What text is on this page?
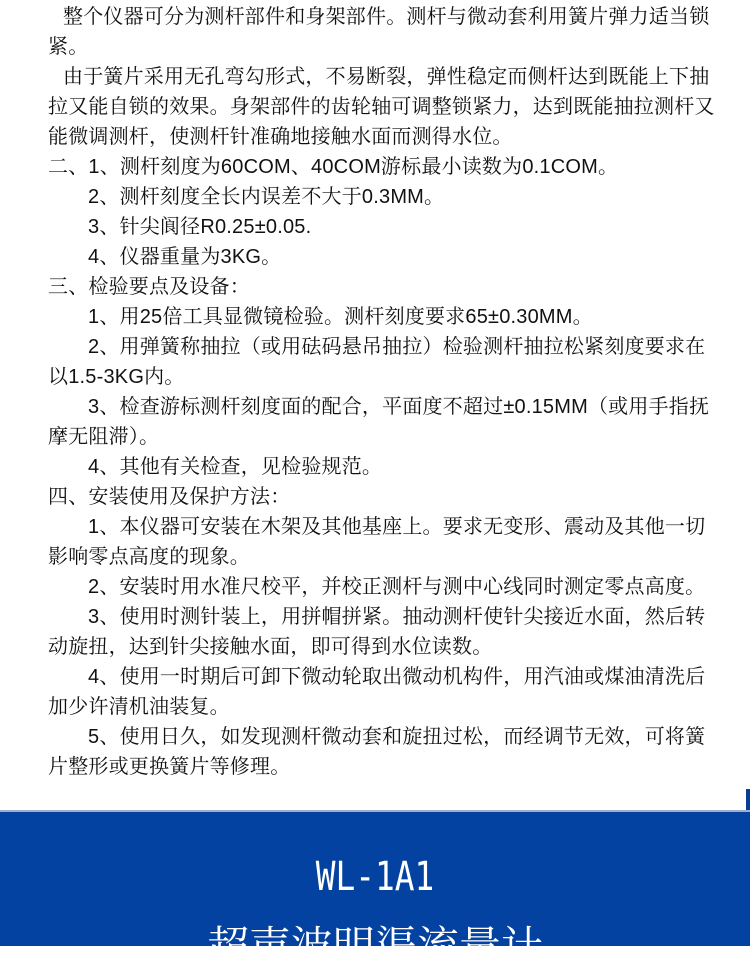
整个仪器可分为测杆部件和身架部件。测杆与微动套利用簧片弹力适当锁
紧。
由于簧片采用无孔弯勾形式，不易断裂，弹性稳定而侧杆达到既能上下抽
拉又能自锁的效果。身架部件的齿轮轴可调整锁紧力，达到既能抽拉测杆又
能微调测杆，使测杆针准确地接触水面而测得水位。
二、1、测杆刻度为60COM、40COM游标最小读数为0.1COM。
2、测杆刻度全长内误差不大于0.3MM。
3、针尖阆径R0.25±0.05.
4、仪器重量为3KG。
三、检验要点及设备：
1、用25倍工具显微镜检验。测杆刻度要求65±0.30MM。
2、用弹簧称抽拉（或用砝码悬吊抽拉）检验测杆抽拉松紧刻度要求在
以1.5-3KG内。
3、检查游标测杆刻度面的配合，平面度不超过±0.15MM（或用手指抚
摩无阻滞）。
4、其他有关检查，见检验规范。
四、安装使用及保护方法：
1、本仪器可安装在木架及其他基座上。要求无变形、震动及其他一切
影响零点高度的现象。
2、安装时用水准尺校平，并校正测杆与测中心线同时测定零点高度。
3、使用时测针装上，用拼帽拼紧。抽动测杆使针尖接近水面，然后转
动旋扭，达到针尖接触水面，即可得到水位读数。
4、使用一时期后可卸下微动轮取出微动机构件，用汽油或煤油清洗后
加少许清机油装复。
5、使用日久，如发现测杆微动套和旋扭过松，而经调节无效，可将簧
片整形或更换簧片等修理。
WL-1A1
超声波明渠流量计
